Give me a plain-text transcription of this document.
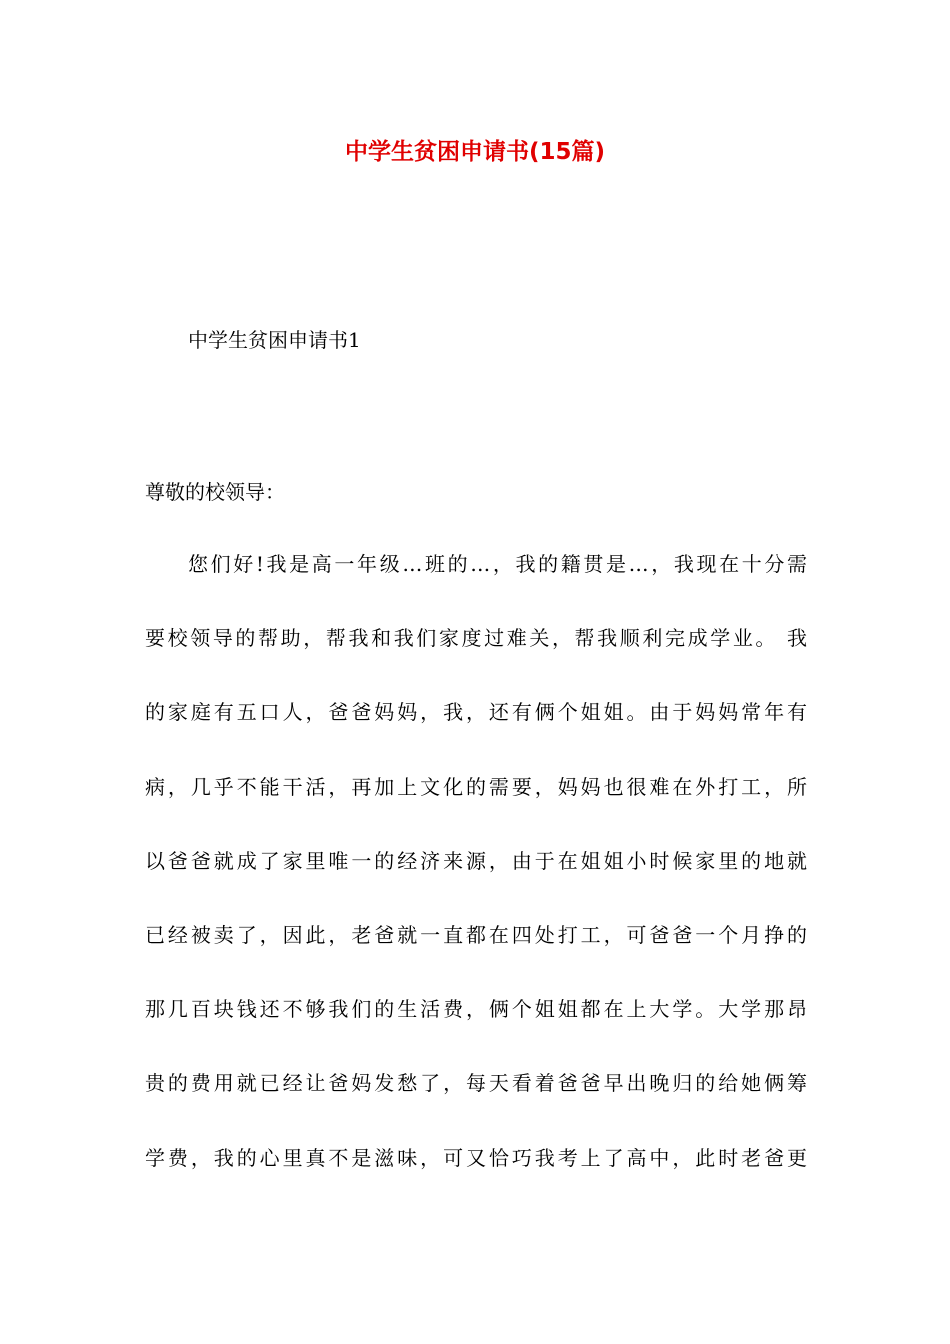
中学生贫困申请书(15篇)

中学生贫困申请书1

尊敬的校领导：

您们好!我是高一年级…班的…，我的籍贯是…，我现在十分需
要校领导的帮助，帮我和我们家度过难关，帮我顺利完成学业。 我
的家庭有五口人，爸爸妈妈，我，还有俩个姐姐。由于妈妈常年有
病，几乎不能干活，再加上文化的需要，妈妈也很难在外打工，所
以爸爸就成了家里唯一的经济来源，由于在姐姐小时候家里的地就
已经被卖了，因此，老爸就一直都在四处打工，可爸爸一个月挣的
那几百块钱还不够我们的生活费，俩个姐姐都在上大学。大学那昂
贵的费用就已经让爸妈发愁了，每天看着爸爸早出晚归的给她俩筹
学费，我的心里真不是滋味，可又恰巧我考上了高中，此时老爸更
